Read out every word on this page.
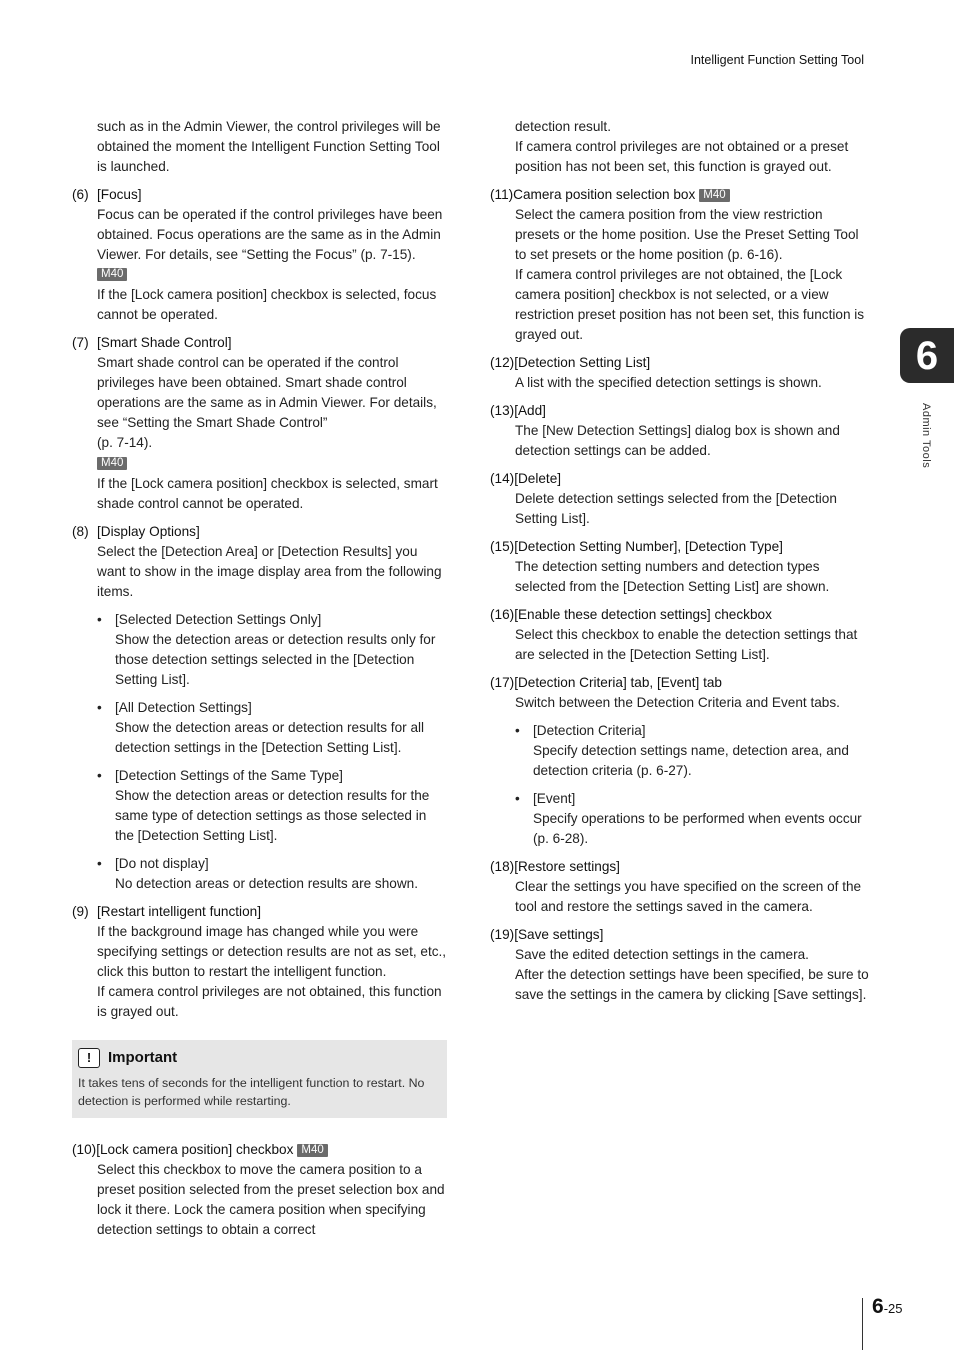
Intelligent Function Setting Tool
6
Admin Tools

such as in the Admin Viewer, the control privileges will be obtained the moment the Intelligent Function Setting Tool is launched.

(6) [Focus]

Focus can be operated if the control privileges have been obtained. Focus operations are the same as in the Admin Viewer. For details, see “Setting the Focus” (p. 7-15).

M40

If the [Lock camera position] checkbox is selected, focus cannot be operated.

(7) [Smart Shade Control]

Smart shade control can be operated if the control privileges have been obtained. Smart shade control operations are the same as in Admin Viewer. For details, see “Setting the Smart Shade Control”

(p. 7-14).

M40

If the [Lock camera position] checkbox is selected, smart shade control cannot be operated.

(8) [Display Options]

Select the [Detection Area] or [Detection Results] you want to show in the image display area from the following items.

• [Selected Detection Settings Only]
Show the detection areas or detection results only for those detection settings selected in the [Detection Setting List].
• [All Detection Settings]
Show the detection areas or detection results for all detection settings in the [Detection Setting List].
• [Detection Settings of the Same Type]
Show the detection areas or detection results for the same type of detection settings as those selected in the [Detection Setting List].
• [Do not display]
No detection areas or detection results are shown.
(9) [Restart intelligent function]

If the background image has changed while you were specifying settings or detection results are not as set, etc., click this button to restart the intelligent function.

If camera control privileges are not obtained, this function is grayed out.

!	Important
It takes tens of seconds for the intelligent function to restart. No detection is performed while restarting.
(10)[Lock camera position] checkbox M40

Select this checkbox to move the camera position to a preset position selected from the preset selection box and lock it there. Lock the camera position when specifying detection settings to obtain a correct

detection result.

If camera control privileges are not obtained or a preset position has not been set, this function is grayed out.

(11)Camera position selection box M40

Select the camera position from the view restriction presets or the home position. Use the Preset Setting Tool to set presets or the home position (p. 6-16).

If camera control privileges are not obtained, the [Lock camera position] checkbox is not selected, or a view restriction preset position has not been set, this function is grayed out.

(12)[Detection Setting List]

A list with the specified detection settings is shown.

(13)[Add]

The [New Detection Settings] dialog box is shown and detection settings can be added.

(14)[Delete]

Delete detection settings selected from the [Detection Setting List].

(15)[Detection Setting Number], [Detection Type]

The detection setting numbers and detection types selected from the [Detection Setting List] are shown.

(16)[Enable these detection settings] checkbox

Select this checkbox to enable the detection settings that are selected in the [Detection Setting List].

(17)[Detection Criteria] tab, [Event] tab

Switch between the Detection Criteria and Event tabs.

• [Detection Criteria]
Specify detection settings name, detection area, and detection criteria (p. 6-27).
• [Event]
Specify operations to be performed when events occur (p. 6-28).
(18)[Restore settings]

Clear the settings you have specified on the screen of the tool and restore the settings saved in the camera.

(19)[Save settings]

Save the edited detection settings in the camera.

After the detection settings have been specified, be sure to save the settings in the camera by clicking [Save settings].

6-25
